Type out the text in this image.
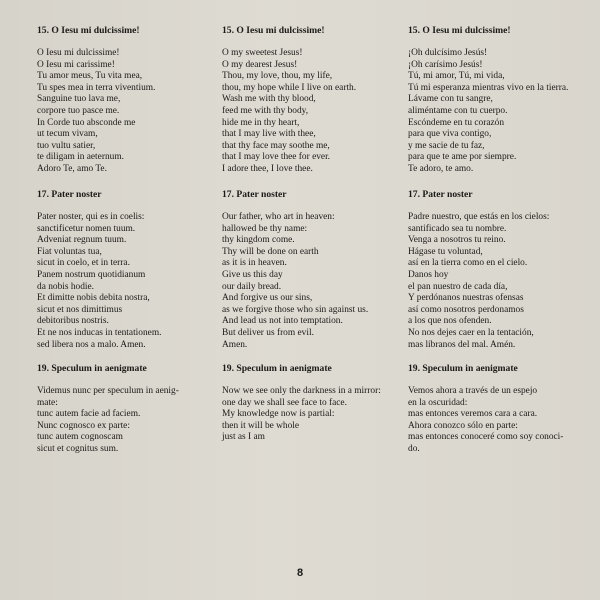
15. O Iesu mi dulcissime!
O Iesu mi dulcissime!
O Iesu mi carissime!
Tu amor meus, Tu vita mea,
Tu spes mea in terra viventium.
Sanguine tuo lava me,
corpore tuo pasce me.
In Corde tuo absconde me
ut tecum vivam,
tuo vultu satier,
te diligam in aeternum.
Adoro Te, amo Te.
17. Pater noster
Pater noster, qui es in coelis:
sanctificetur nomen tuum.
Adveniat regnum tuum.
Fiat voluntas tua,
sicut in coelo, et in terra.
Panem nostrum quotidianum
da nobis hodie.
Et dimitte nobis debita nostra,
sicut et nos dimittimus
debitoribus nostris.
Et ne nos inducas in tentationem.
sed libera nos a malo. Amen.
19. Speculum in aenigmate
Videmus nunc per speculum in aenig-
mate:
tunc autem facie ad faciem.
Nunc cognosco ex parte:
tunc autem cognoscam
sicut et cognitus sum.
15. O Iesu mi dulcissime!
O my sweetest Jesus!
O my dearest Jesus!
Thou, my love, thou, my life,
thou, my hope while I live on earth.
Wash me with thy blood,
feed me with thy body,
hide me in thy heart,
that I may live with thee,
that thy face may soothe me,
that I may love thee for ever.
I adore thee, I love thee.
17. Pater noster
Our father, who art in heaven:
hallowed be thy name:
thy kingdom come.
Thy will be done on earth
as it is in heaven.
Give us this day
our daily bread.
And forgive us our sins,
as we forgive those who sin against us.
And lead us not into temptation.
But deliver us from evil.
Amen.
19. Speculum in aenigmate
Now we see only the darkness in a mirror:
one day we shall see face to face.
My knowledge now is partial:
then it will be whole
just as I am
15. O Iesu mi dulcissime!
¡Oh dulcísimo Jesús!
¡Oh carísimo Jesús!
Tú, mi amor, Tú, mi vida,
Tú mi esperanza mientras vivo en la tierra.
Lávame con tu sangre,
aliméntame con tu cuerpo.
Escóndeme en tu corazón
para que viva contigo,
y me sacie de tu faz,
para que te ame por siempre.
Te adoro, te amo.
17. Pater noster
Padre nuestro, que estás en los cielos:
santificado sea tu nombre.
Venga a nosotros tu reino.
Hágase tu voluntad,
así en la tierra como en el cielo.
Danos hoy
el pan nuestro de cada día,
Y perdónanos nuestras ofensas
así como nosotros perdonamos
a los que nos ofenden.
No nos dejes caer en la tentación,
mas líbranos del mal. Amén.
19. Speculum in aenigmate
Vemos ahora a través de un espejo
en la oscuridad:
mas entonces veremos cara a cara.
Ahora conozco sólo en parte:
mas entonces conoceré como soy conoci-
do.
8
